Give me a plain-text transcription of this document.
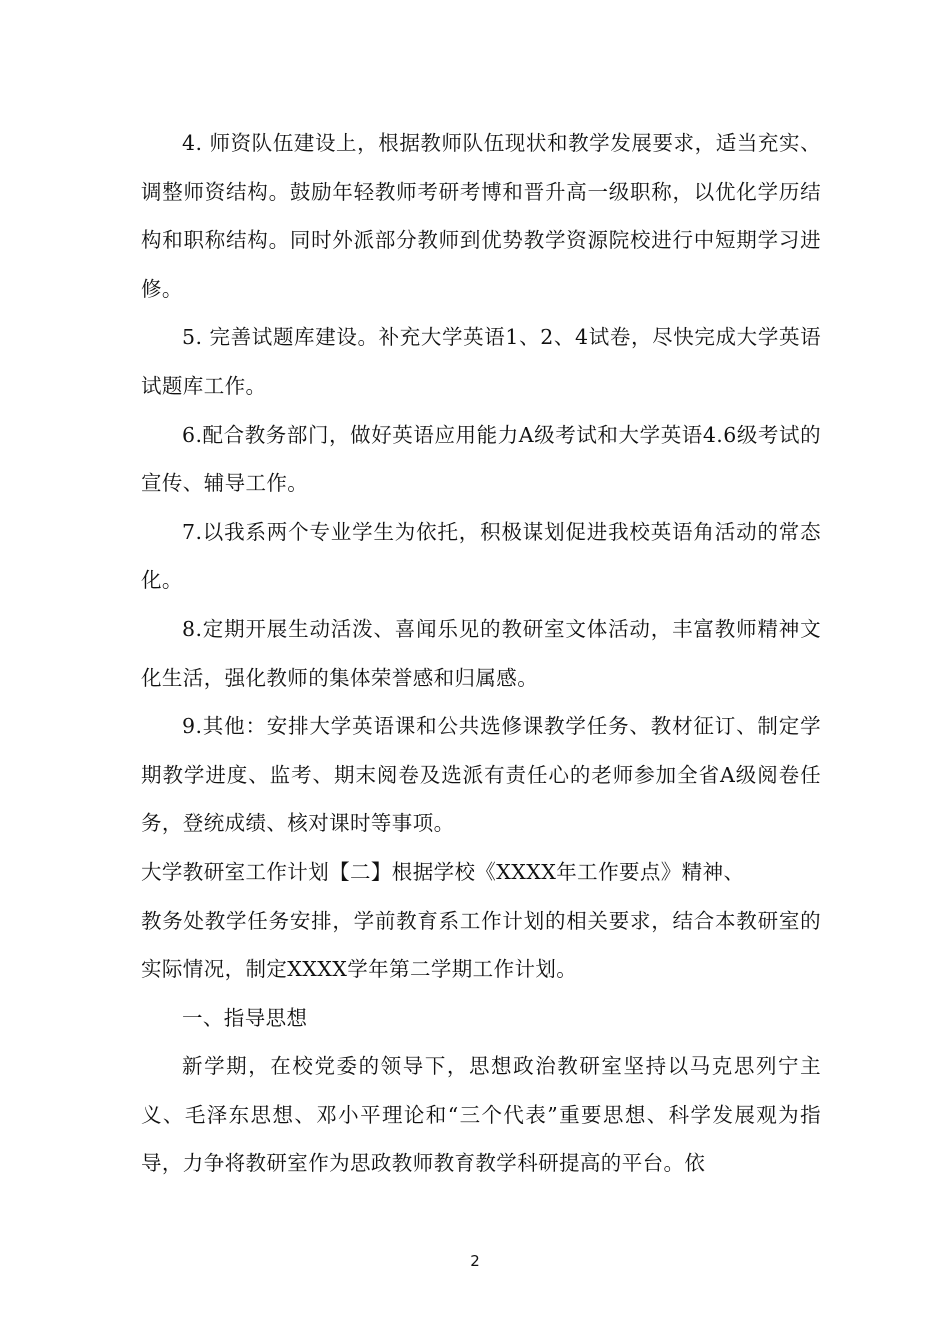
4. 师资队伍建设上，根据教师队伍现状和教学发展要求，适当充实、调整师资结构。鼓励年轻教师考研考博和晋升高一级职称，以优化学历结构和职称结构。同时外派部分教师到优势教学资源院校进行中短期学习进修。

5. 完善试题库建设。补充大学英语1、2、4试卷，尽快完成大学英语试题库工作。

6.配合教务部门，做好英语应用能力A级考试和大学英语4.6级考试的宣传、辅导工作。

7.以我系两个专业学生为依托，积极谋划促进我校英语角活动的常态化。

8.定期开展生动活泼、喜闻乐见的教研室文体活动，丰富教师精神文化生活，强化教师的集体荣誉感和归属感。

9.其他：安排大学英语课和公共选修课教学任务、教材征订、制定学期教学进度、监考、期末阅卷及选派有责任心的老师参加全省A级阅卷任务，登统成绩、核对课时等事项。

大学教研室工作计划【二】根据学校《XXXX年工作要点》精神、

教务处教学任务安排，学前教育系工作计划的相关要求，结合本教研室的实际情况，制定XXXX学年第二学期工作计划。

一、指导思想

新学期，在校党委的领导下，思想政治教研室坚持以马克思列宁主义、毛泽东思想、邓小平理论和“三个代表”重要思想、科学发展观为指导，力争将教研室作为思政教师教育教学科研提高的平台。依

2
